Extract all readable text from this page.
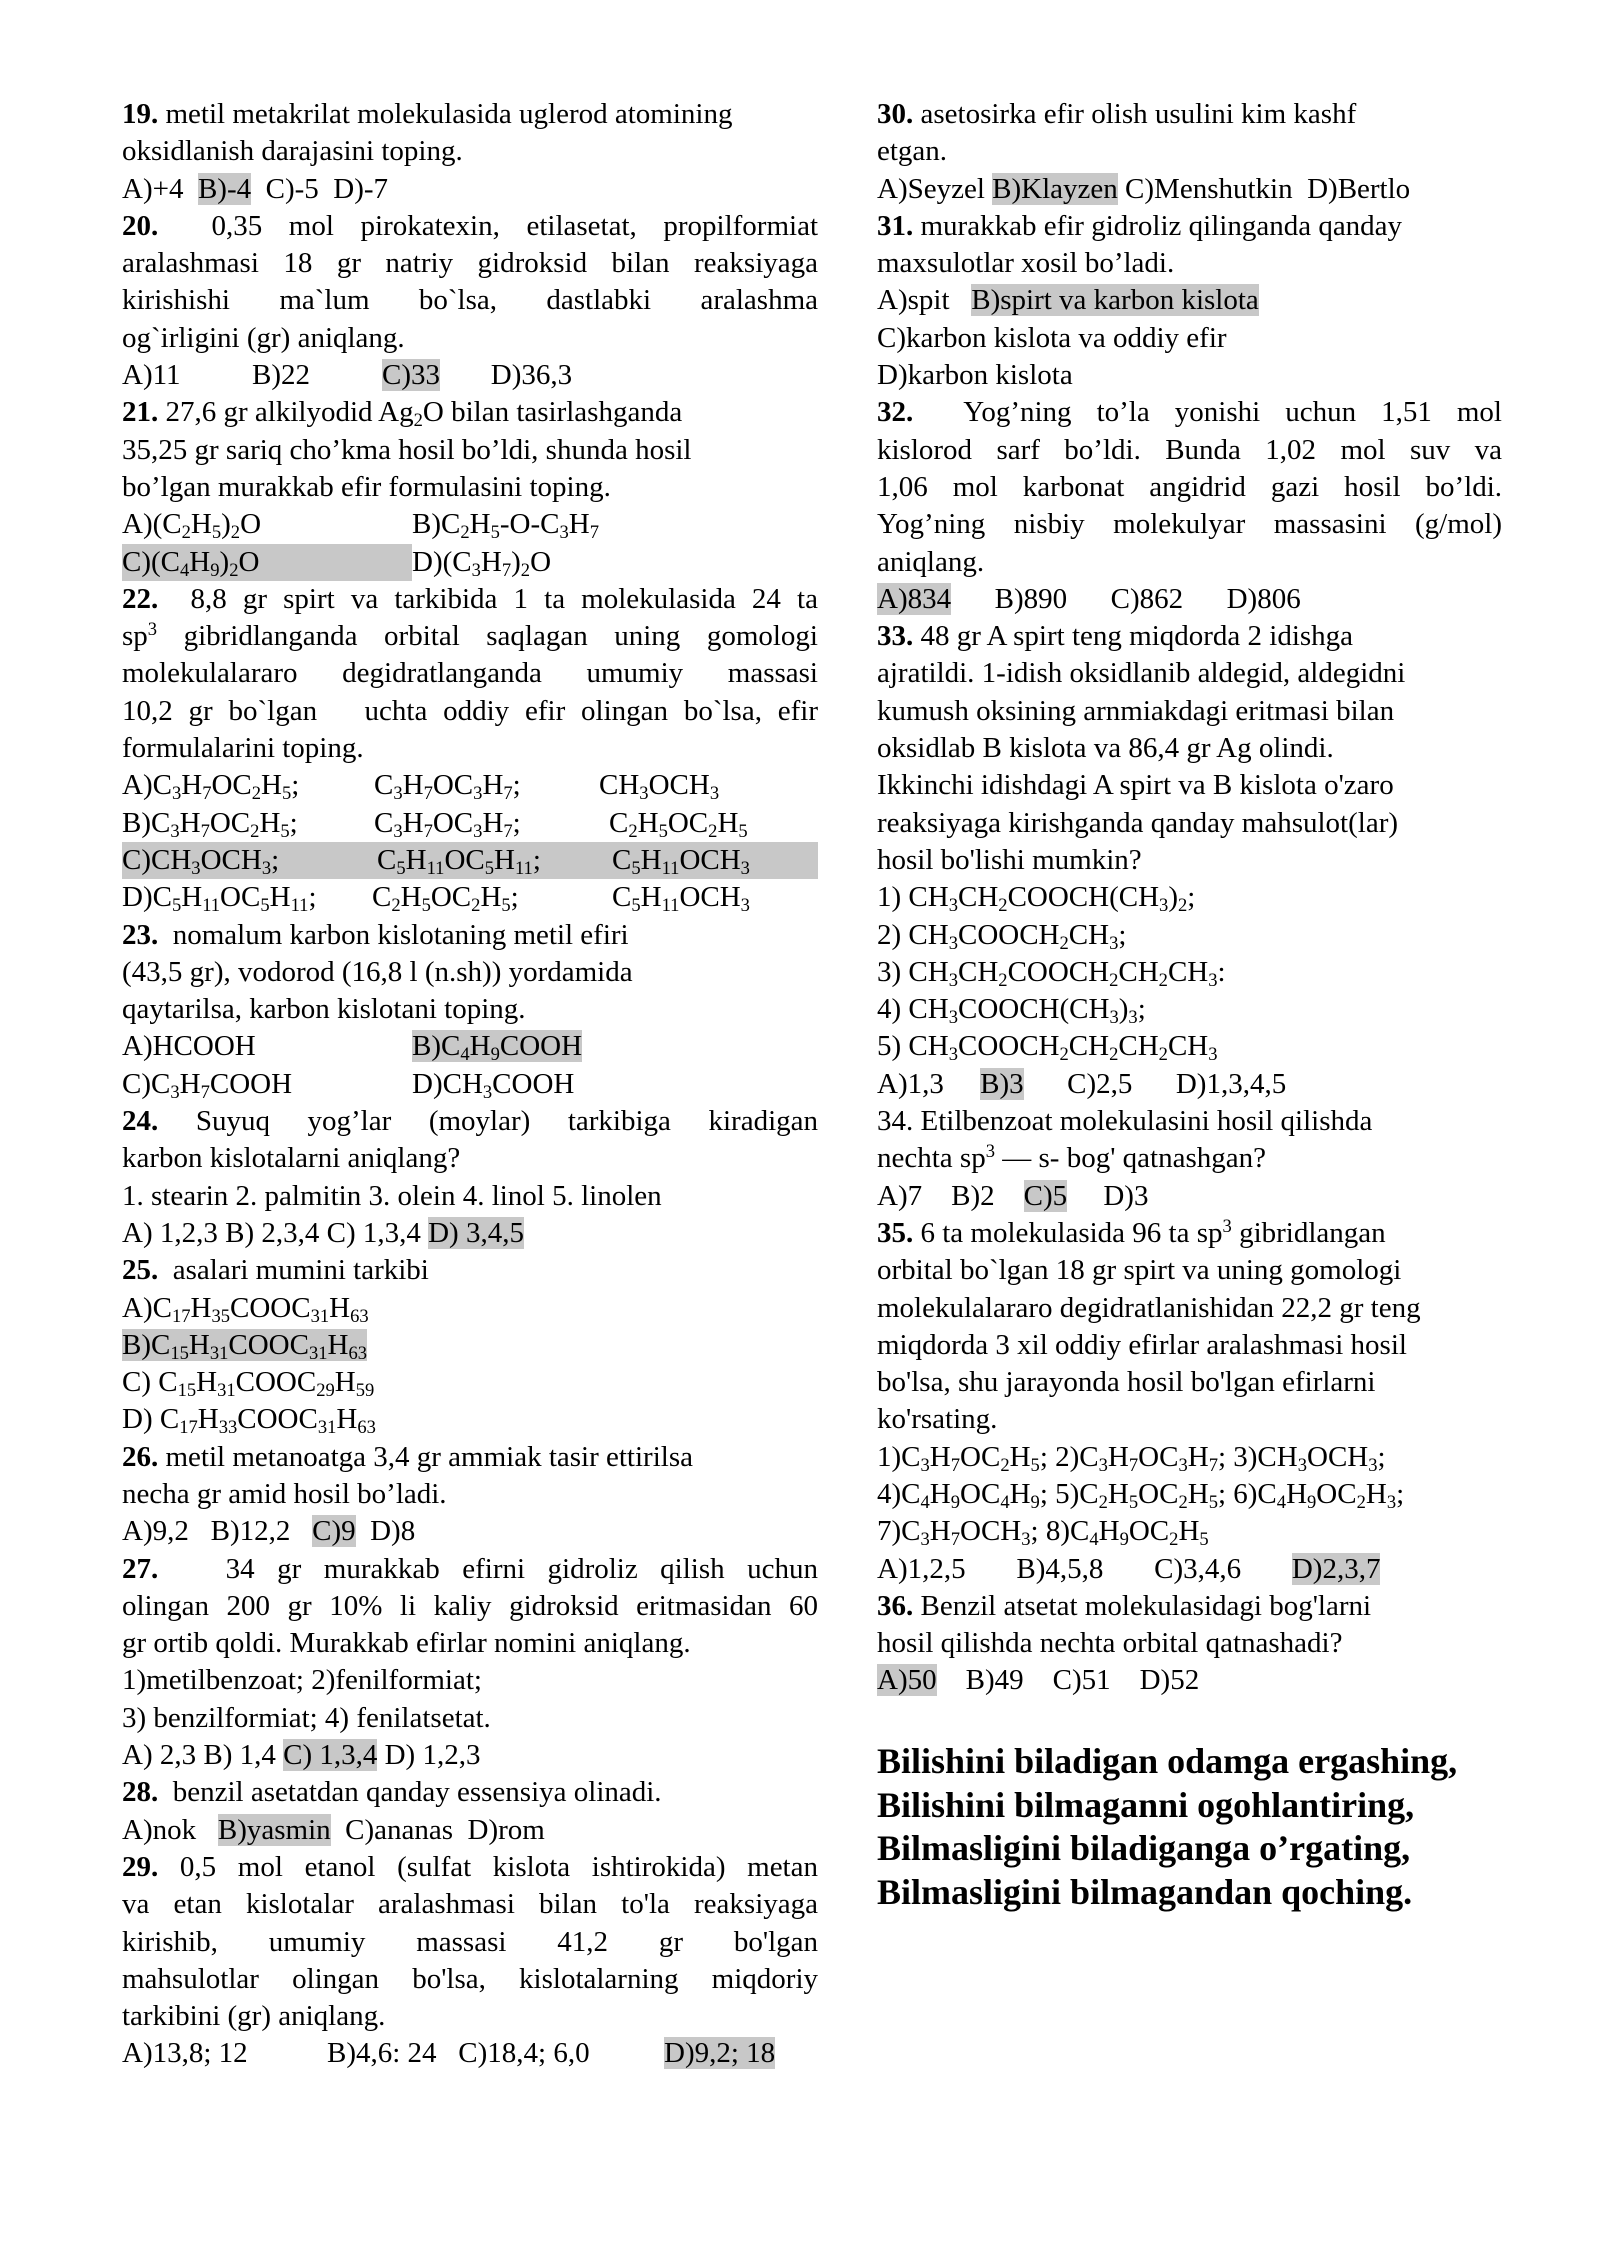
19. metil metakrilat molekulasida uglerod atomining
oksidlanish darajasini toping.
A)+4  B)-4  C)-5  D)-7
20.  0,35 mol pirokatexin, etilasetat, propilformiat
aralashmasi 18 gr natriy gidroksid bilan reaksiyaga
kirishishi ma`lum bo`lsa, dastlabki aralashma
og`irligini (gr) aniqlang.
A)11 B)22 C)33       D)36,3
21. 27,6 gr alkilyodid $Ag_2O$ bilan tasirlashganda
35,25 gr sariq cho’kma hosil bo’ldi, shunda hosil
bo’lgan murakkab efir formulasini toping.
$A)(C_2H_5)_2O$	$B)C_2H_5-O-C_3H_7$
$C)(C_4H_9)_2O$	$D)(C_3H_7)_2O$
22.  8,8 gr spirt va tarkibida 1 ta molekulasida 24 ta
$sp^3$ gibridlanganda orbital saqlagan uning gomologi
molekulalararo degidratlanganda umumiy massasi
10,2 gr bo`lgan   uchta oddiy efir olingan bo`lsa, efir
formulalarini toping.
$A)C_3H_7OC_2H_5$;	$C_3H_7OC_3H_7$;	$CH_3OCH_3$
$B)C_3H_7OC_2H_5$;	$C_3H_7OC_3H_7$;	$C_2H_5OC_2H_5$
$C)CH_3OCH_3$;	$C_5H_{11}OC_5H_{11}$; $C_5H_{11}OCH_3$
$D)C_5H_{11}OC_5H_{11}$; $C_2H_5OC_2H_5$;	$C_5H_{11}OCH_3$
23.  nomalum karbon kislotaning metil efiri
(43,5 gr), vodorod (16,8 l (n.sh)) yordamida
qaytarilsa, karbon kislotani toping.
A)HCOOH	$B)C_4H_9COOH$
$C)C_3H_7COOH$	$D)CH_3COOH$
24. Suyuq yog’lar (moylar) tarkibiga kiradigan
karbon kislotalarni aniqlang?
1. stearin 2. palmitin 3. olein 4. linol 5. linolen
A) 1,2,3 B) 2,3,4 C) 1,3,4 D) 3,4,5
25.  asalari mumini tarkibi
$A)C_{17}H_{35}COOC_{31}H_{63}$
$B)C_{15}H_{31}COOC_{31}H_{63}$
C) $C_{15}H_{31}COOC_{29}H_{59}$
D) $C_{17}H_{33}COOC_{31}H_{63}$
26. metil metanoatga 3,4 gr ammiak tasir ettirilsa
necha gr amid hosil bo’ladi.
A)9,2   B)12,2   C)9  D)8
27.   34 gr murakkab efirni gidroliz qilish uchun
olingan 200 gr 10% li kaliy gidroksid eritmasidan 60
gr ortib qoldi. Murakkab efirlar nomini aniqlang.
1)metilbenzoat; 2)fenilformiat;
3) benzilformiat; 4) fenilatsetat.
A) 2,3 B) 1,4 C) 1,3,4 D) 1,2,3
28.  benzil asetatdan qanday essensiya olinadi.
A)nok   B)yasmin  C)ananas  D)rom
29. 0,5 mol etanol (sulfat kislota ishtirokida) metan
va etan kislotalar aralashmasi bilan to'la reaksiyaga
kirishib, umumiy massasi 41,2 gr bo'lgan
mahsulotlar olingan bo'lsa, kislotalarning miqdoriy
tarkibini (gr) aniqlang.
A)13,8; 12	B)4,6: 24   C)18,4; 6,0   D)9,2; 18
30. asetosirka efir olish usulini kim kashf
etgan.
A)Seyzel B)Klayzen C)Menshutkin  D)Bertlo
31. murakkab efir gidroliz qilinganda qanday
maxsulotlar xosil bo’ladi.
A)spit   B)spirt va karbon kislota
C)karbon kislota va oddiy efir
D)karbon kislota
32.  Yog’ning to’la yonishi uchun 1,51 mol
kislorod sarf bo’ldi. Bunda 1,02 mol suv va
1,06 mol karbonat angidrid gazi hosil bo’ldi.
Yog’ning nisbiy molekulyar massasini (g/mol)
aniqlang.
A)834      B)890      C)862      D)806
33. 48 gr A spirt teng miqdorda 2 idishga
ajratildi. 1-idish oksidlanib aldegid, aldegidni
kumush oksining arnmiakdagi eritmasi bilan
oksidlab B kislota va 86,4 gr Ag olindi.
Ikkinchi idishdagi A spirt va B kislota o'zaro
reaksiyaga kirishganda qanday mahsulot(lar)
hosil bo'lishi mumkin?
1) $CH_3CH_2COOCH(CH_3)_2$;
2) $CH_3COOCH_2CH_3$;
3) $CH_3CH_2COOCH_2CH_2CH_3$:
4) $CH_3COOCH(CH_3)_3$;
5) $CH_3COOCH_2CH_2CH_2CH_3$
A)1,3     B)3      C)2,5      D)1,3,4,5
34. Etilbenzoat molekulasini hosil qilishda
nechta $sp^3$ — s- bog' qatnashgan?
A)7    B)2    C)5     D)3
35. 6 ta molekulasida 96 ta $sp^3$ gibridlangan
orbital bo`lgan 18 gr spirt va uning gomologi
molekulalararo degidratlanishidan 22,2 gr teng
miqdorda 3 xil oddiy efirlar aralashmasi hosil
bo'lsa, shu jarayonda hosil bo'lgan efirlarni
ko'rsating.
$1)C_3H_7OC_2H_5$; $2)C_3H_7OC_3H_7$; $3)CH_3OCH_3$;
$4)C_4H_9OC_4H_9$; $5)C_2H_5OC_2H_5$; $6)C_4H_9OC_2H_3$;
$7)C_3H_7OCH_3$; $8)C_4H_9OC_2H_5$
A)1,2,5       B)4,5,8       C)3,4,6       D)2,3,7
36. Benzil atsetat molekulasidagi bog'larni
hosil qilishda nechta orbital qatnashadi?
A)50    B)49    C)51    D)52
Bilishini biladigan odamga ergashing,
Bilishini bilmaganni ogohlantiring,
Bilmasligini biladiganga o’rgating,
Bilmasligini bilmagandan qoching.
